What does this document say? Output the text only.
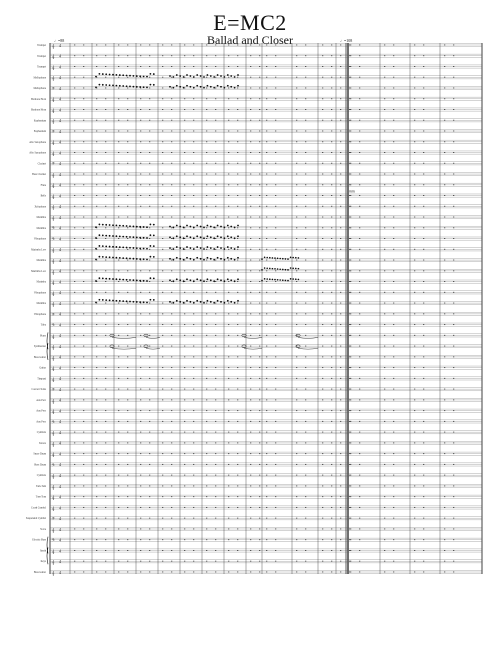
E=MC2
Ballad and Closer
Trumpet 𝄞 4
Trumpet 𝄞 4
Trumpet 𝄞 4
Mellophone 𝄞 4
Mellophone 𝄢 4
Baritone Horn 𝄞 4
Baritone Horn 𝄞 4
Euphonium 𝄞 4
Euphonium 𝄢 4
Alto Saxophone 𝄞 4
Alto Saxophone 𝄞 4
Clarinet 𝄢 4
Bass Clarinet 𝄞 4
Flute 𝄞 4
Bells 𝄞 4
Xylophone 𝄞 4
Marimba 𝄞 4
Marimba 𝄢 4
Vibraphone 𝄢 4
Marimba Low 𝄞 4
Marimba 𝄞 4
Marimba Low 𝄞 4
Marimba 𝄞 4
Vibraphone 𝄞 4
Marimba 𝄞 4
Vibraphone 𝄢 4
Tuba 𝄢 4
Piano 𝄞 4
Synthesizer 𝄞 4
Bass Guitar 𝄞 4
Guitar 𝄞 4
Timpani 𝄞 4
Concert Toms 𝄢 4
Aux Perc 𝄞 4
Aux Perc 𝄞 4
Aux Perc 𝄢 4
Cymbals 𝄞 4
Tenors 𝄞 4
Snare Drum 𝄞 4
Bass Drum 𝄢 4
Cymbals 𝄞 4
Tam-Tam 𝄞 4
Tom-Tom 𝄞 4
Crash Cymbal 𝄞 4
Suspended Cymbal 𝄢 4
Voice 𝄞 4
Electric Bass 𝄢 4
Synth 𝄞 4
Keys 𝄞 4
Bass Guitar 𝄞 4
♩=88	♩=108
mm
